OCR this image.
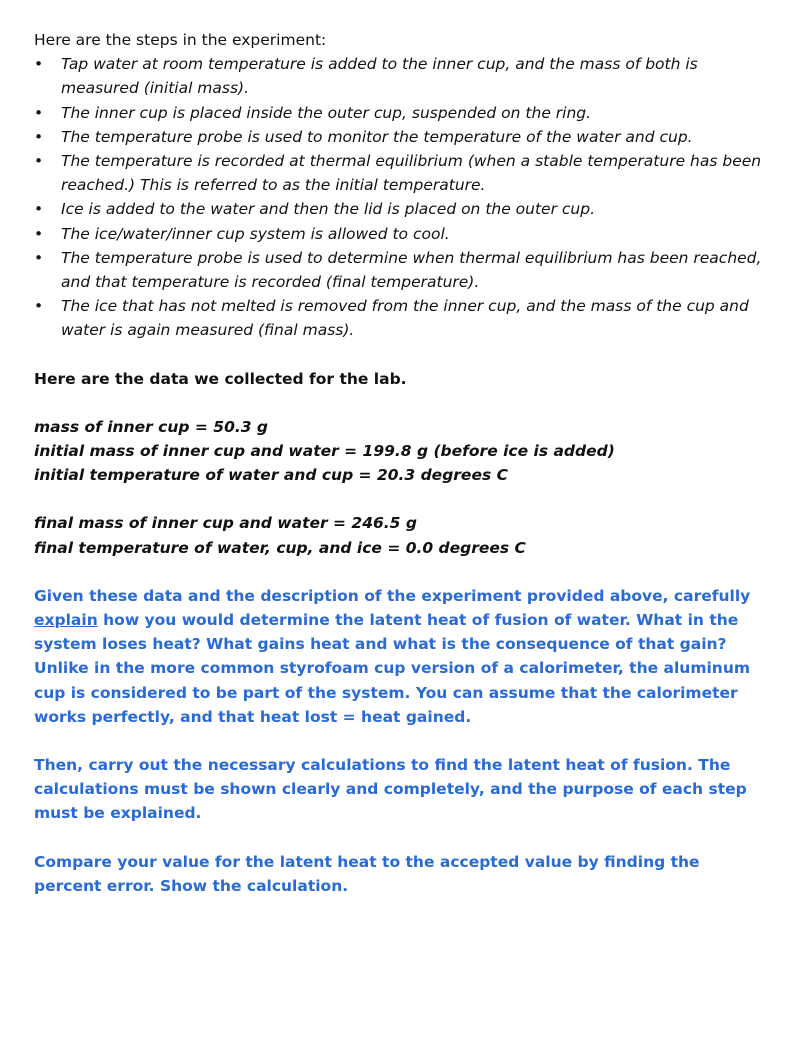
Here are the steps in the experiment:

• Tap water at room temperature is added to the inner cup, and the mass of both is measured (initial mass).
• The inner cup is placed inside the outer cup, suspended on the ring.
• The temperature probe is used to monitor the temperature of the water and cup.
• The temperature is recorded at thermal equilibrium (when a stable temperature has been reached.) This is referred to as the initial temperature.
• Ice is added to the water and then the lid is placed on the outer cup.
• The ice/water/inner cup system is allowed to cool.
• The temperature probe is used to determine when thermal equilibrium has been reached, and that temperature is recorded (final temperature).
• The ice that has not melted is removed from the inner cup, and the mass of the cup and water is again measured (final mass).

Here are the data we collected for the lab.

mass of inner cup = 50.3 g

initial mass of inner cup and water = 199.8 g (before ice is added)

initial temperature of water and cup = 20.3 degrees C

final mass of inner cup and water = 246.5 g

final temperature of water, cup, and ice = 0.0 degrees C

Given these data and the description of the experiment provided above, carefully explain how you would determine the latent heat of fusion of water. What in the system loses heat? What gains heat and what is the consequence of that gain? Unlike in the more common styrofoam cup version of a calorimeter, the aluminum cup is considered to be part of the system. You can assume that the calorimeter works perfectly, and that heat lost = heat gained.

Then, carry out the necessary calculations to find the latent heat of fusion. The calculations must be shown clearly and completely, and the purpose of each step must be explained.

Compare your value for the latent heat to the accepted value by finding the percent error. Show the calculation.
